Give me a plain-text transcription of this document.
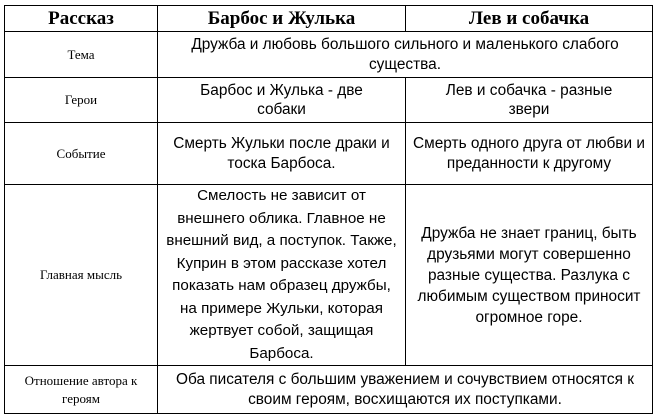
Рассказ	Барбос и Жулька	Лев и собачка
Тема	Дружба и любовь большого сильного и маленького слабого существа.	
Герои	Барбос и Жулька - две собаки	Лев и собачка - разные звери
Событие	Смерть Жульки после драки и тоска Барбоса.	Смерть одного друга от любви и преданности к другому
Главная мысль	Смелость не зависит от внешнего облика. Главное не внешний вид, а поступок. Также, Куприн в этом рассказе хотел показать нам образец дружбы, на примере Жульки, которая жертвует собой, защищая Барбоса.	Дружба не знает границ, быть друзьями могут совершенно разные существа. Разлука с любимым существом приносит огромное горе.
Отношение автора к героям	Оба писателя с большим уважением и сочувствием относятся к своим героям, восхищаются их поступками.	
